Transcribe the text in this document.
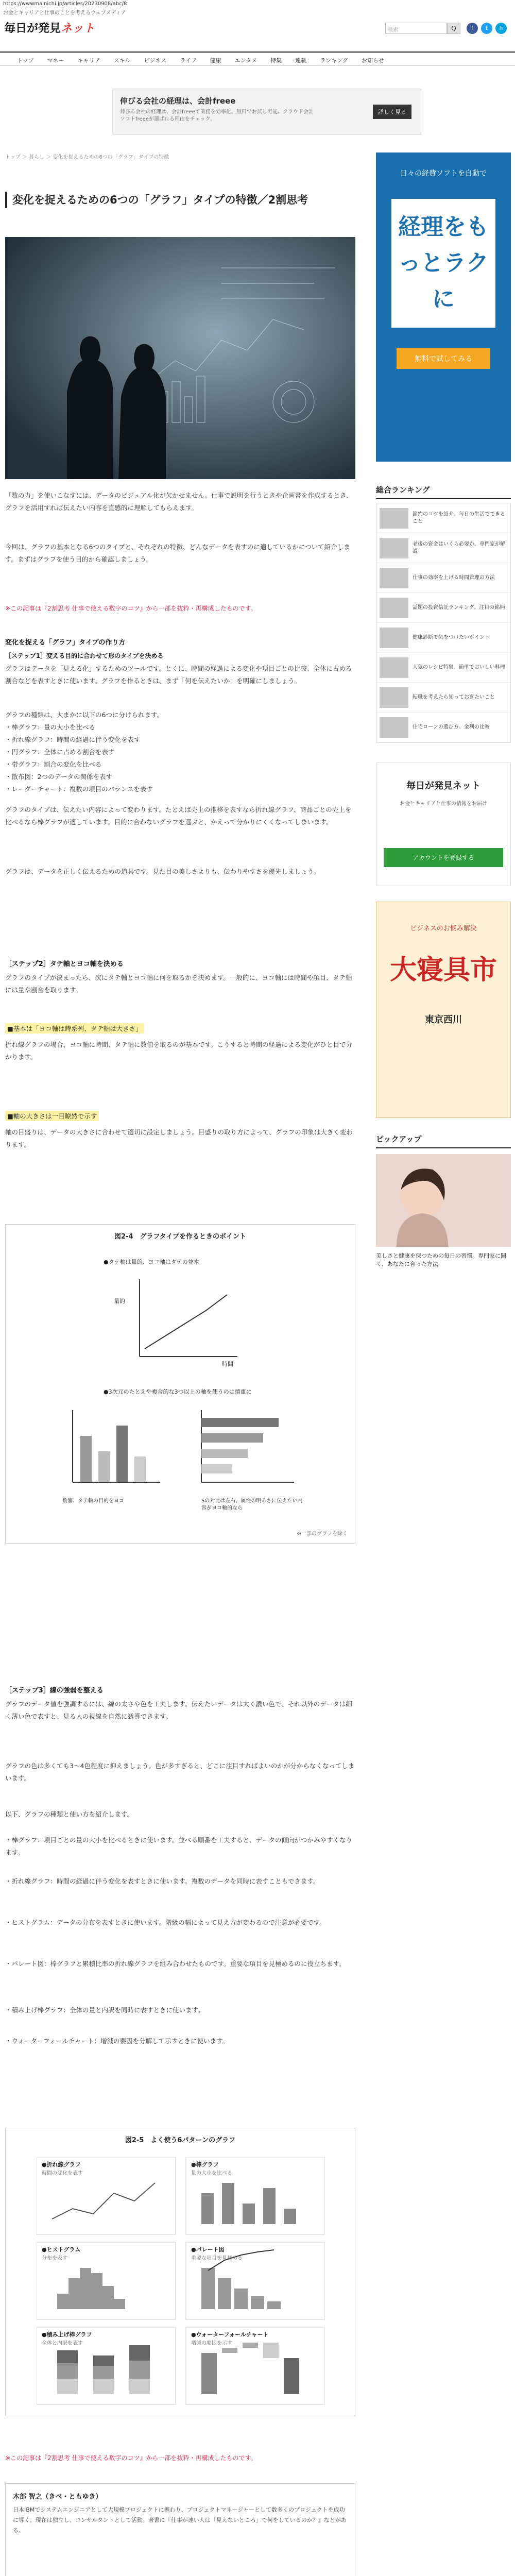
https://wwwmainichi.jp/articles/20230908/abc/8
お金とキャリアと仕事のことを考えるウェブメディア
毎日が発見ネット	検索	Q	f	t	h
トップ	マネー	キャリア	スキル	ビジネス	ライフ	健康	エンタメ	特集	連載	ランキング	お知らせ
伸びる会社の経理は、会計freee
伸びる会社の経理は、会計freeeで業務を効率化。無料でお試し可能。クラウド会計ソフトfreeeが選ばれる理由をチェック。
詳しく見る
トップ ＞ 暮らし ＞ 変化を捉えるための6つの「グラフ」タイプの特徴
変化を捉えるための6つの「グラフ」タイプの特徴／2割思考
「数の力」を使いこなすには、データのビジュアル化が欠かせません。仕事で説明を行うときや企画書を作成するとき、グラフを活用すれば伝えたい内容を直感的に理解してもらえます。
今回は、グラフの基本となる6つのタイプと、それぞれの特徴、どんなデータを表すのに適しているかについて紹介します。まずはグラフを使う目的から確認しましょう。
※この記事は『2割思考 仕事で使える数字のコツ』から一部を抜粋・再構成したものです。
変化を捉える「グラフ」タイプの作り方
［ステップ1］変える目的に合わせて形のタイプを決める
グラフはデータを「見える化」するためのツールです。とくに、時間の経過による変化や項目ごとの比較、全体に占める割合などを表すときに使います。グラフを作るときは、まず「何を伝えたいか」を明確にしましょう。
グラフの種類は、大まかに以下の6つに分けられます。
・棒グラフ：量の大小を比べる
・折れ線グラフ：時間の経過に伴う変化を表す
・円グラフ：全体に占める割合を表す
・帯グラフ：割合の変化を比べる
・散布図：2つのデータの関係を表す
・レーダーチャート：複数の項目のバランスを表す
グラフのタイプは、伝えたい内容によって変わります。たとえば売上の推移を表すなら折れ線グラフ、商品ごとの売上を比べるなら棒グラフが適しています。目的に合わないグラフを選ぶと、かえって分かりにくくなってしまいます。
グラフは、データを正しく伝えるための道具です。見た目の美しさよりも、伝わりやすさを優先しましょう。
［ステップ2］タテ軸とヨコ軸を決める
グラフのタイプが決まったら、次にタテ軸とヨコ軸に何を取るかを決めます。一般的に、ヨコ軸には時間や項目、タテ軸には量や割合を取ります。
■基本は「ヨコ軸は時系列、タテ軸は大きさ」
折れ線グラフの場合、ヨコ軸に時間、タテ軸に数値を取るのが基本です。こうすると時間の経過による変化がひと目で分かります。
■軸の大きさは一目瞭然で示す
軸の目盛りは、データの大きさに合わせて適切に設定しましょう。目盛りの取り方によって、グラフの印象は大きく変わります。
図2-4　グラフタイプを作るときのポイント
●タテ軸は量的、ヨコ軸はタテの並木
量的
時間
●3次元のたとえや複合的な3つ以上の軸を使うのは慎重に
数値、タテ軸の目的をヨコ	Sの対比は左右、属性の明るさに伝えたい内容がヨコ軸的なら
※一部のグラフを除く
［ステップ3］線の強弱を整える
グラフのデータ値を強調するには、線の太さや色を工夫します。伝えたいデータは太く濃い色で、それ以外のデータは細く薄い色で表すと、見る人の視線を自然に誘導できます。
グラフの色は多くても3〜4色程度に抑えましょう。色が多すぎると、どこに注目すればよいのかが分からなくなってしまいます。
以下、グラフの種類と使い方を紹介します。
・棒グラフ：項目ごとの量の大小を比べるときに使います。並べる順番を工夫すると、データの傾向がつかみやすくなります。
・折れ線グラフ：時間の経過に伴う変化を表すときに使います。複数のデータを同時に表すこともできます。
・ヒストグラム：データの分布を表すときに使います。階級の幅によって見え方が変わるので注意が必要です。
・パレート図：棒グラフと累積比率の折れ線グラフを組み合わせたものです。重要な項目を見極めるのに役立ちます。
・積み上げ棒グラフ：全体の量と内訳を同時に表すときに使います。
・ウォーターフォールチャート：増減の要因を分解して示すときに使います。
図2-5　よく使う6パターンのグラフ
●折れ線グラフ	●棒グラフ
●ヒストグラム	●パレート図
●積み上げ棒グラフ	●ウォーターフォールチャート
時間の変化を表す	量の大小を比べる
分布を表す	重要な項目を見極める
全体と内訳を表す	増減の要因を示す
※この記事は『2割思考 仕事で使える数字のコツ』から一部を抜粋・再構成したものです。
木部 智之（きべ・ともゆき）
日本IBMでシステムエンジニアとして大規模プロジェクトに携わり、プロジェクトマネージャーとして数多くのプロジェクトを成功に導く。現在は独立し、コンサルタントとして活動。著書に『仕事が速い人は「見えないところ」で何をしているのか？』などがある。
日々の経費ソフトを自動で
経理をもっとラクに
無料で試してみる
総合ランキング
節約のコツを紹介。毎日の生活でできること
老後の資金はいくら必要か。専門家が解説
仕事の効率を上げる時間管理の方法
話題の投資信託ランキング。注目の銘柄
健康診断で気をつけたいポイント
人気のレシピ特集。簡単でおいしい料理
転職を考えたら知っておきたいこと
住宅ローンの選び方。金利の比較
毎日が発見ネット
お金とキャリアと仕事の情報をお届け
アカウントを登録する
ビジネスのお悩み解決
大寝具市
東京西川
ピックアップ
美しさと健康を保つための毎日の習慣。専門家に聞く、あなたに合った方法
